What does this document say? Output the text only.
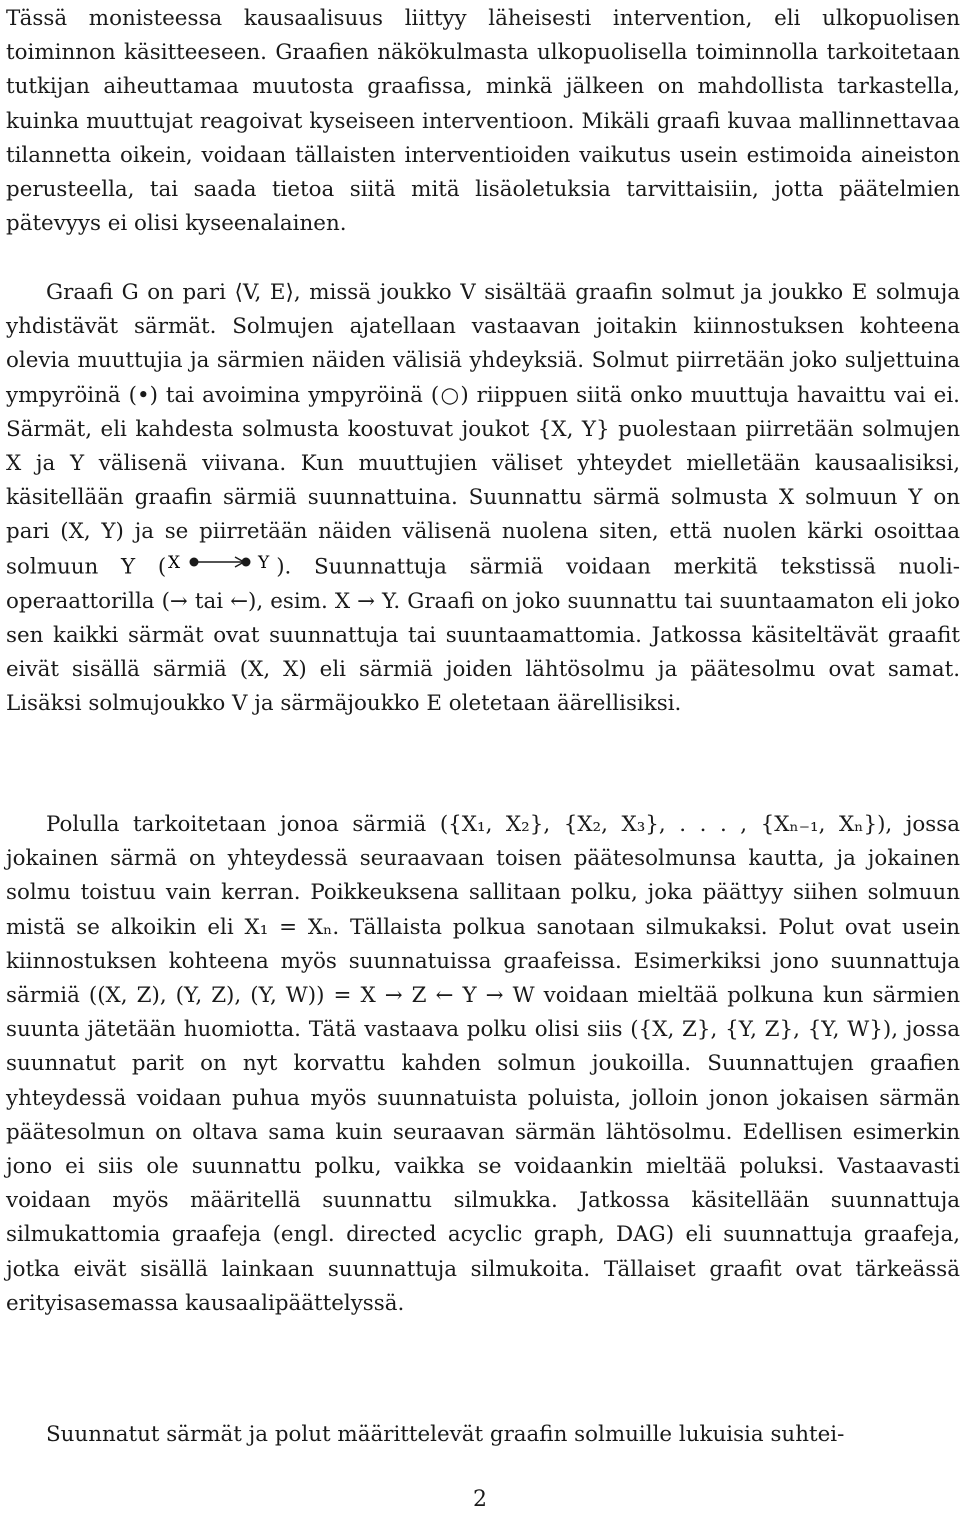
Tässä monisteessa kausaalisuus liittyy läheisesti intervention, eli ulkopuolisen toiminnon käsitteeseen. Graafien näkökulmasta ulkopuolisella toiminnolla tarkoitetaan tutkijan aiheuttamaa muutosta graafissa, minkä jälkeen on mahdollista tarkastella, kuinka muuttujat reagoivat kyseiseen interventioon. Mikäli graafi kuvaa mallinnettavaa tilannetta oikein, voidaan tällaisten interventioiden vaikutus usein estimoida aineiston perusteella, tai saada tietoa siitä mitä lisäoletuksia tarvittaisiin, jotta päätelmien pätevyys ei olisi kyseenalainen.

Graafi G on pari ⟨V, E⟩, missä joukko V sisältää graafin solmut ja joukko E solmuja yhdistävät särmät. Solmujen ajatellaan vastaavan joitakin kiinnostuksen kohteena olevia muuttujia ja särmien näiden välisiä yhdeyksiä. Solmut piirretään joko suljettuina ympyröinä (•) tai avoimina ympyröinä (○) riippuen siitä onko muuttuja havaittu vai ei. Särmät, eli kahdesta solmusta koostuvat joukot {X, Y} puolestaan piirretään solmujen X ja Y välisenä viivana. Kun muuttujien väliset yhteydet mielletään kausaalisiksi, käsitellään graafin särmiä suunnattuina. Suunnattu särmä solmusta X solmuun Y on pari (X, Y) ja se piirretään näiden välisenä nuolena siten, että nuolen kärki osoittaa solmuun Y ( X	Y ). Suunnattuja särmiä voidaan merkitä tekstissä nuoli-operaattorilla (→ tai ←), esim. X → Y. Graafi on joko suunnattu tai suuntaamaton eli joko sen kaikki särmät ovat suunnattuja tai suuntaamattomia. Jatkossa käsiteltävät graafit eivät sisällä särmiä (X, X) eli särmiä joiden lähtösolmu ja päätesolmu ovat samat. Lisäksi solmujoukko V ja särmäjoukko E oletetaan äärellisiksi.

Polulla tarkoitetaan jonoa särmiä ({X₁, X₂}, {X₂, X₃}, . . . , {Xₙ₋₁, Xₙ}), jossa jokainen särmä on yhteydessä seuraavaan toisen päätesolmunsa kautta, ja jokainen solmu toistuu vain kerran. Poikkeuksena sallitaan polku, joka päättyy siihen solmuun mistä se alkoikin eli X₁ = Xₙ. Tällaista polkua sanotaan silmukaksi. Polut ovat usein kiinnostuksen kohteena myös suunnatuissa graafeissa. Esimerkiksi jono suunnattuja särmiä ((X, Z), (Y, Z), (Y, W)) = X → Z ← Y → W voidaan mieltää polkuna kun särmien suunta jätetään huomiotta. Tätä vastaava polku olisi siis ({X, Z}, {Y, Z}, {Y, W}), jossa suunnatut parit on nyt korvattu kahden solmun joukoilla. Suunnattujen graafien yhteydessä voidaan puhua myös suunnatuista poluista, jolloin jonon jokaisen särmän päätesolmun on oltava sama kuin seuraavan särmän lähtösolmu. Edellisen esimerkin jono ei siis ole suunnattu polku, vaikka se voidaankin mieltää poluksi. Vastaavasti voidaan myös määritellä suunnattu silmukka. Jatkossa käsitellään suunnattuja silmukattomia graafeja (engl. directed acyclic graph, DAG) eli suunnattuja graafeja, jotka eivät sisällä lainkaan suunnattuja silmukoita. Tällaiset graafit ovat tärkeässä erityisasemassa kausaalipäättelyssä.

Suunnatut särmät ja polut määrittelevät graafin solmuille lukuisia suhtei-

2
